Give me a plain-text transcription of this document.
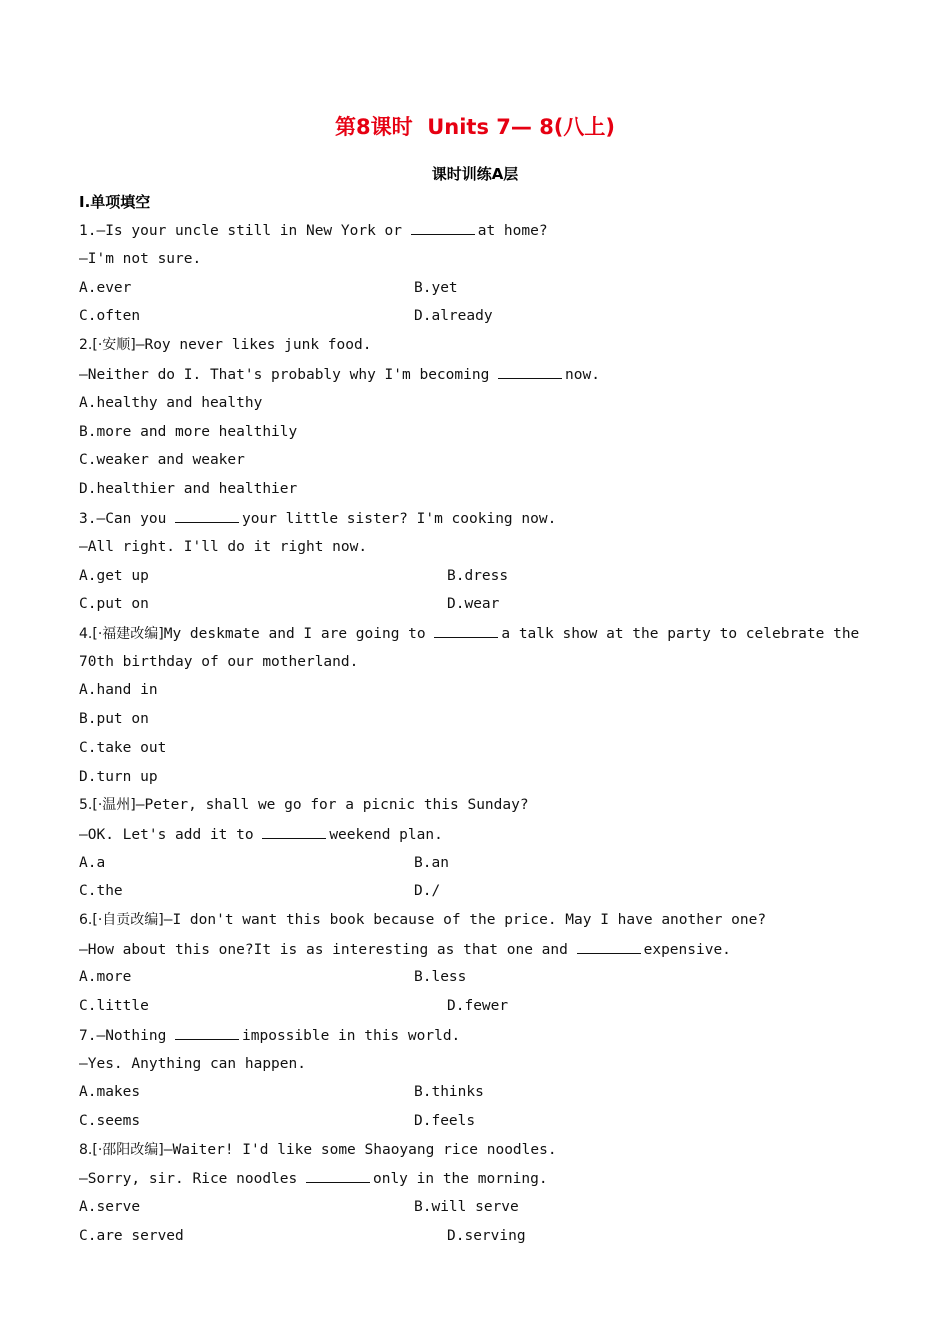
第8课时  Units 7— 8(八上)
课时训练A层
Ⅰ.单项填空
1.—Is your uncle still in New York or	at home?
—I'm not sure.
A.ever	B.yet
C.often	D.already
2.[·安顺]—Roy never likes junk food.
—Neither do I. That's probably why I'm becoming	now.
A.healthy and healthy
B.more and more healthily
C.weaker and weaker
D.healthier and healthier
3.—Can you	your little sister? I'm cooking now.
—All right. I'll do it right now.
A.get up	B.dress
C.put on	D.wear
4.[·福建改编]My deskmate and I are going to	a talk show at the party to celebrate the
70th birthday of our motherland.
A.hand in
B.put on
C.take out
D.turn up
5.[·温州]—Peter, shall we go for a picnic this Sunday?
—OK. Let's add it to	weekend plan.
A.a	B.an
C.the	D./
6.[·自贡改编]—I don't want this book because of the price. May I have another one?
—How about this one?It is as interesting as that one and	expensive.
A.more	B.less
C.little	D.fewer
7.—Nothing	impossible in this world.
—Yes. Anything can happen.
A.makes	B.thinks
C.seems	D.feels
8.[·邵阳改编]—Waiter! I'd like some Shaoyang rice noodles.
—Sorry, sir. Rice noodles	only in the morning.
A.serve	B.will serve
C.are served	D.serving
